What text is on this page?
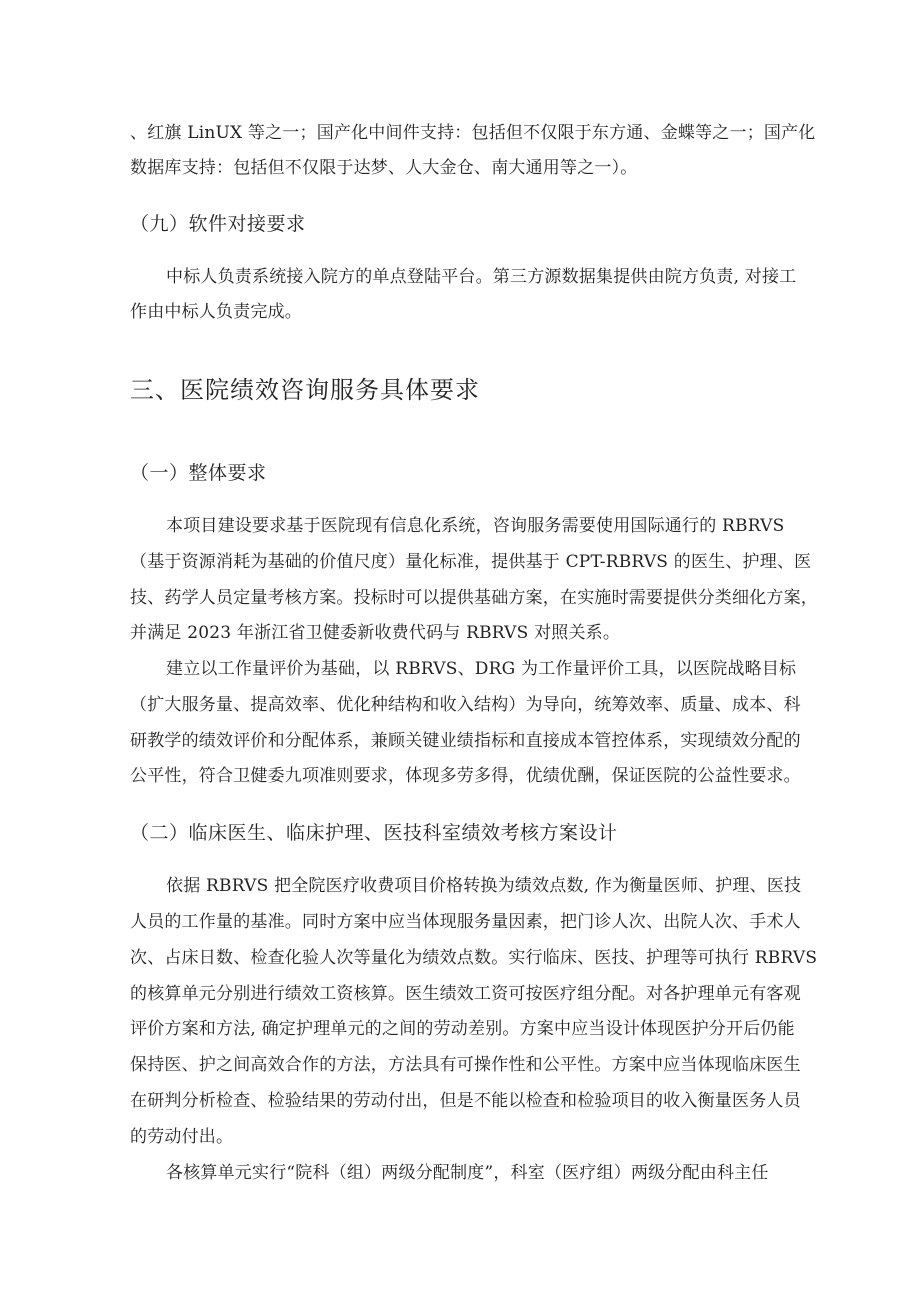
、红旗 LinUX 等之一；国产化中间件支持：包括但不仅限于东方通、金蝶等之一；国产化
数据库支持：包括但不仅限于达梦、人大金仓、南大通用等之一）。
（九）软件对接要求
中标人负责系统接入院方的单点登陆平台。第三方源数据集提供由院方负责, 对接工
作由中标人负责完成。
三、医院绩效咨询服务具体要求
（一）整体要求
本项目建设要求基于医院现有信息化系统，咨询服务需要使用国际通行的 RBRVS
（基于资源消耗为基础的价值尺度）量化标准，提供基于 CPT-RBRVS 的医生、护理、医
技、药学人员定量考核方案。投标时可以提供基础方案，在实施时需要提供分类细化方案，
并满足 2023 年浙江省卫健委新收费代码与 RBRVS 对照关系。
建立以工作量评价为基础，以 RBRVS、DRG 为工作量评价工具，以医院战略目标
（扩大服务量、提高效率、优化种结构和收入结构）为导向，统筹效率、质量、成本、科
研教学的绩效评价和分配体系，兼顾关键业绩指标和直接成本管控体系，实现绩效分配的
公平性，符合卫健委九项准则要求，体现多劳多得，优绩优酬，保证医院的公益性要求。
（二）临床医生、临床护理、医技科室绩效考核方案设计
依据 RBRVS 把全院医疗收费项目价格转换为绩效点数, 作为衡量医师、护理、医技
人员的工作量的基准。同时方案中应当体现服务量因素，把门诊人次、出院人次、手术人
次、占床日数、检查化验人次等量化为绩效点数。实行临床、医技、护理等可执行 RBRVS
的核算单元分别进行绩效工资核算。医生绩效工资可按医疗组分配。对各护理单元有客观
评价方案和方法, 确定护理单元的之间的劳动差别。方案中应当设计体现医护分开后仍能
保持医、护之间高效合作的方法，方法具有可操作性和公平性。方案中应当体现临床医生
在研判分析检查、检验结果的劳动付出，但是不能以检查和检验项目的收入衡量医务人员
的劳动付出。
各核算单元实行“院科（组）两级分配制度”，科室（医疗组）两级分配由科主任
